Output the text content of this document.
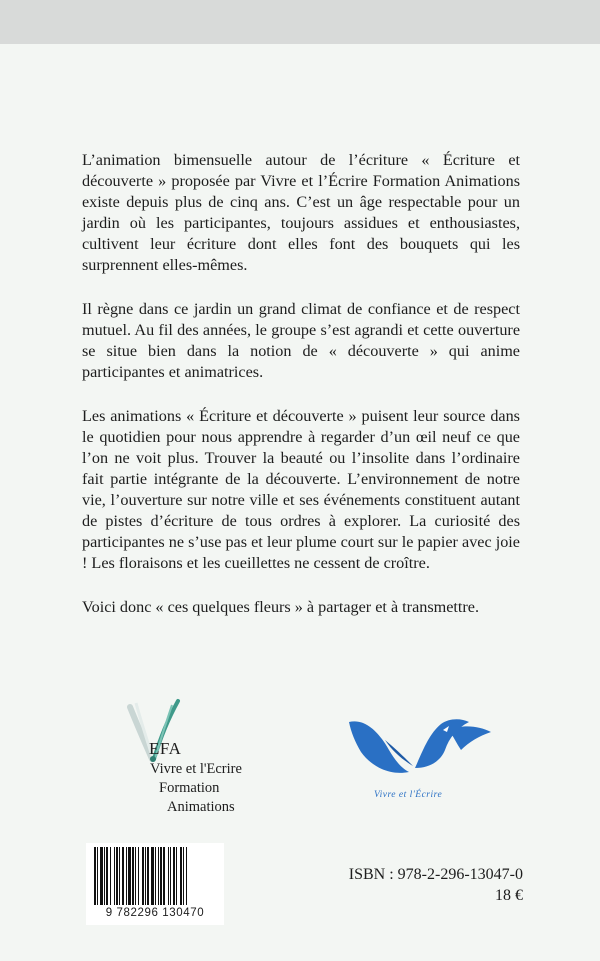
L’animation bimensuelle autour de l’écriture « Écriture et découverte » proposée par Vivre et l’Écrire Formation Animations existe depuis plus de cinq ans. C’est un âge respectable pour un jardin où les participantes, toujours assidues et enthousiastes, cultivent leur écriture dont elles font des bouquets qui les surprennent elles-mêmes.

Il règne dans ce jardin un grand climat de confiance et de respect mutuel. Au fil des années, le groupe s’est agrandi et cette ouverture se situe bien dans la notion de « découverte » qui anime participantes et animatrices.

Les animations « Écriture et découverte » puisent leur source dans le quotidien pour nous apprendre à regarder d’un œil neuf ce que l’on ne voit plus. Trouver la beauté ou l’insolite dans l’ordinaire fait partie intégrante de la découverte. L’environnement de notre vie, l’ouverture sur notre ville et ses événements constituent autant de pistes d’écriture de tous ordres à explorer. La curiosité des participantes ne s’use pas et leur plume court sur le papier avec joie ! Les floraisons et les cueillettes ne cessent de croître.

Voici donc « ces quelques fleurs » à partager et à transmettre.

EFA
Vivre et l'Ecrire
Formation
Animations
Vivre et l'Écrire
9 782296 130470
ISBN : 978-2-296-13047-0
18 €
